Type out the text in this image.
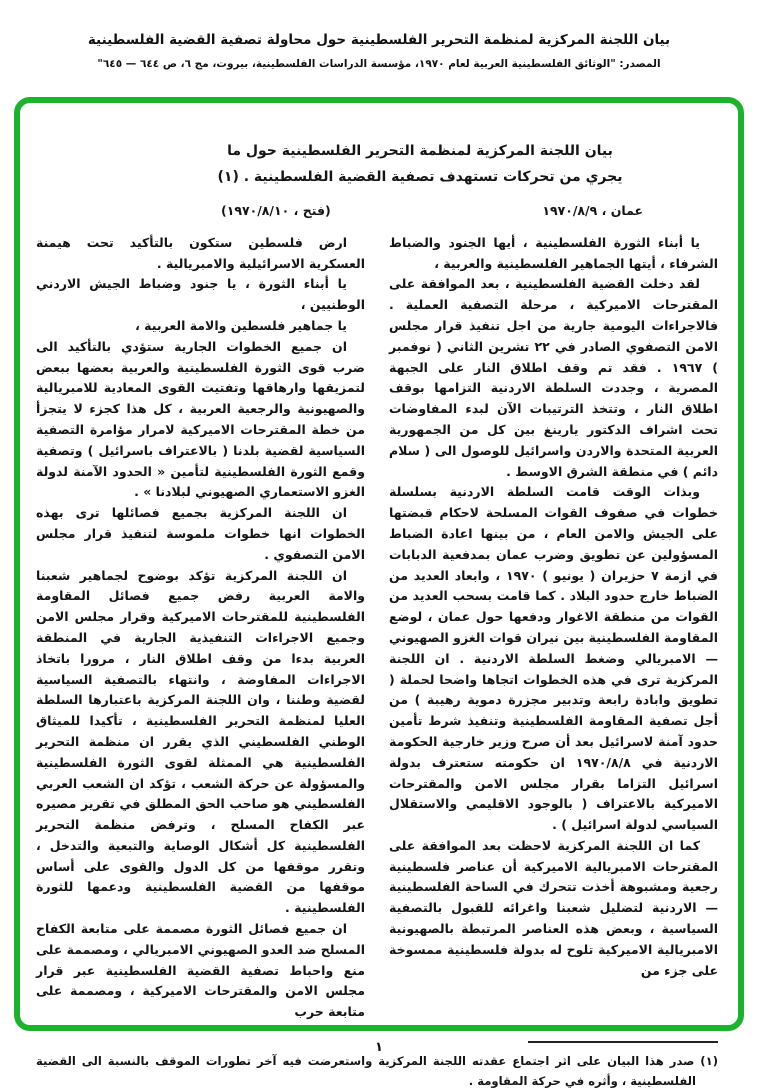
بيان اللجنة المركزية لمنظمة التحرير الفلسطينية حول محاولة تصفية القضية الفلسطينية
المصدر: "الوثائق الفلسطينية العربية لعام ١٩٧٠، مؤسسة الدراسات الفلسطينية، بيروت، مج ٦، ص ٦٤٤ — ٦٤٥"
بيان اللجنة المركزية لمنظمة التحرير الفلسطينية حول ما
يجري من تحركات تستهدف تصفية القضية الفلسطينية . (١)
عمان ، ١٩٧٠/٨/٩
(فتح ، ١٩٧٠/٨/١٠)

يا أبناء الثورة الفلسطينية ، أيها الجنود والضباط الشرفاء ، أيتها الجماهير الفلسطينية والعربية ،

لقد دخلت القضية الفلسطينية ، بعد الموافقة على المقترحات الاميركية ، مرحلة التصفية العملية . فالاجراءات اليومية جارية من اجل تنفيذ قرار مجلس الامن التصفوي الصادر في ٢٢ تشرين الثاني ( نوفمبر ) ١٩٦٧ . فقد تم وقف اطلاق النار على الجبهة المصرية ، وجددت السلطة الاردنية التزامها بوقف اطلاق النار ، وتتخذ الترتيبات الآن لبدء المفاوضات تحت اشراف الدكتور يارينغ بين كل من الجمهورية العربية المتحدة والاردن واسرائيل للوصول الى ( سلام دائم ) في منطقة الشرق الاوسط .

وبذات الوقت قامت السلطة الاردنية بسلسلة خطوات في صفوف القوات المسلحة لاحكام قبضتها على الجيش والامن العام ، من بينها اعادة الضباط المسؤولين عن تطويق وضرب عمان بمدفعية الدبابات في ازمة ٧ حزيران ( يونيو ) ١٩٧٠ ، وابعاد العديد من الضباط خارج حدود البلاد . كما قامت بسحب العديد من القوات من منطقة الاغوار ودفعها حول عمان ، لوضع المقاومة الفلسطينية بين نيران قوات الغزو الصهيوني — الامبريالي وضغط السلطة الاردنية . ان اللجنة المركزية ترى في هذه الخطوات اتجاها واضحا لحملة ( تطويق وابادة رابعة وتدبير مجزرة دموية رهيبة ) من أجل تصفية المقاومة الفلسطينية وتنفيذ شرط تأمين حدود آمنة لاسرائيل بعد أن صرح وزير خارجية الحكومة الاردنية في ١٩٧٠/٨/٨ ان حكومته ستعترف بدولة اسرائيل التزاما بقرار مجلس الامن والمقترحات الاميركية بالاعتراف ( بالوجود الاقليمي والاستقلال السياسي لدولة اسرائيل ) .

كما ان اللجنة المركزية لاحظت بعد الموافقة على المقترحات الامبريالية الاميركية أن عناصر فلسطينية رجعية ومشبوهة أخذت تتحرك في الساحة الفلسطينية — الاردنية لتضليل شعبنا واغرائه للقبول بالتصفية السياسية ، وبعض هذه العناصر المرتبطة بالصهيونية الامبريالية الاميركية تلوح له بدولة فلسطينية ممسوخة على جزء من

ارض فلسطين ستكون بالتأكيد تحت هيمنة العسكرية الاسرائيلية والامبريالية .

يا أبناء الثورة ، يا جنود وضباط الجيش الاردني الوطنيين ،

يا جماهير فلسطين والامة العربية ،

ان جميع الخطوات الجارية ستؤدي بالتأكيد الى ضرب قوى الثورة الفلسطينية والعربية بعضها ببعض لتمزيقها وارهاقها وتفتيت القوى المعادية للامبريالية والصهيونية والرجعية العربية ، كل هذا كجزء لا يتجزأ من خطة المقترحات الاميركية لامرار مؤامرة التصفية السياسية لقضية بلدنا ( بالاعتراف باسرائيل ) وتصفية وقمع الثورة الفلسطينية لتأمين « الحدود الآمنة لدولة الغزو الاستعماري الصهيوني لبلادنا » .

ان اللجنة المركزية بجميع فصائلها ترى بهذه الخطوات انها خطوات ملموسة لتنفيذ قرار مجلس الامن التصفوي .

ان اللجنة المركزية تؤكد بوضوح لجماهير شعبنا والامة العربية رفض جميع فصائل المقاومة الفلسطينية للمقترحات الاميركية وقرار مجلس الامن وجميع الاجراءات التنفيذية الجارية في المنطقة العربية بدءا من وقف اطلاق النار ، مرورا باتخاذ الاجراءات المفاوضة ، وانتهاء بالتصفية السياسية لقضية وطننا ، وان اللجنة المركزية باعتبارها السلطة العليا لمنظمة التحرير الفلسطينية ، تأكيدا للميثاق الوطني الفلسطيني الذي يقرر ان منظمة التحرير الفلسطينية هي الممثلة لقوى الثورة الفلسطينية والمسؤولة عن حركة الشعب ، تؤكد ان الشعب العربي الفلسطيني هو صاحب الحق المطلق في تقرير مصيره عبر الكفاح المسلح ، وترفض منظمة التحرير الفلسطينية كل أشكال الوصاية والتبعية والتدخل ، وتقرر موقفها من كل الدول والقوى على أساس موقفها من القضية الفلسطينية ودعمها للثورة الفلسطينية .

ان جميع فصائل الثورة مصممة على متابعة الكفاح المسلح ضد العدو الصهيوني الامبريالي ، ومصممة على منع واحباط تصفية القضية الفلسطينية عبر قرار مجلس الامن والمقترحات الاميركية ، ومصممة على متابعة حرب

(١) صدر هذا البيان على اثر اجتماع عقدته اللجنة المركزية واستعرضت فيه آخر تطورات الموقف بالنسبة الى القضية الفلسطينية ، وأثره في حركة المقاومة .

١
